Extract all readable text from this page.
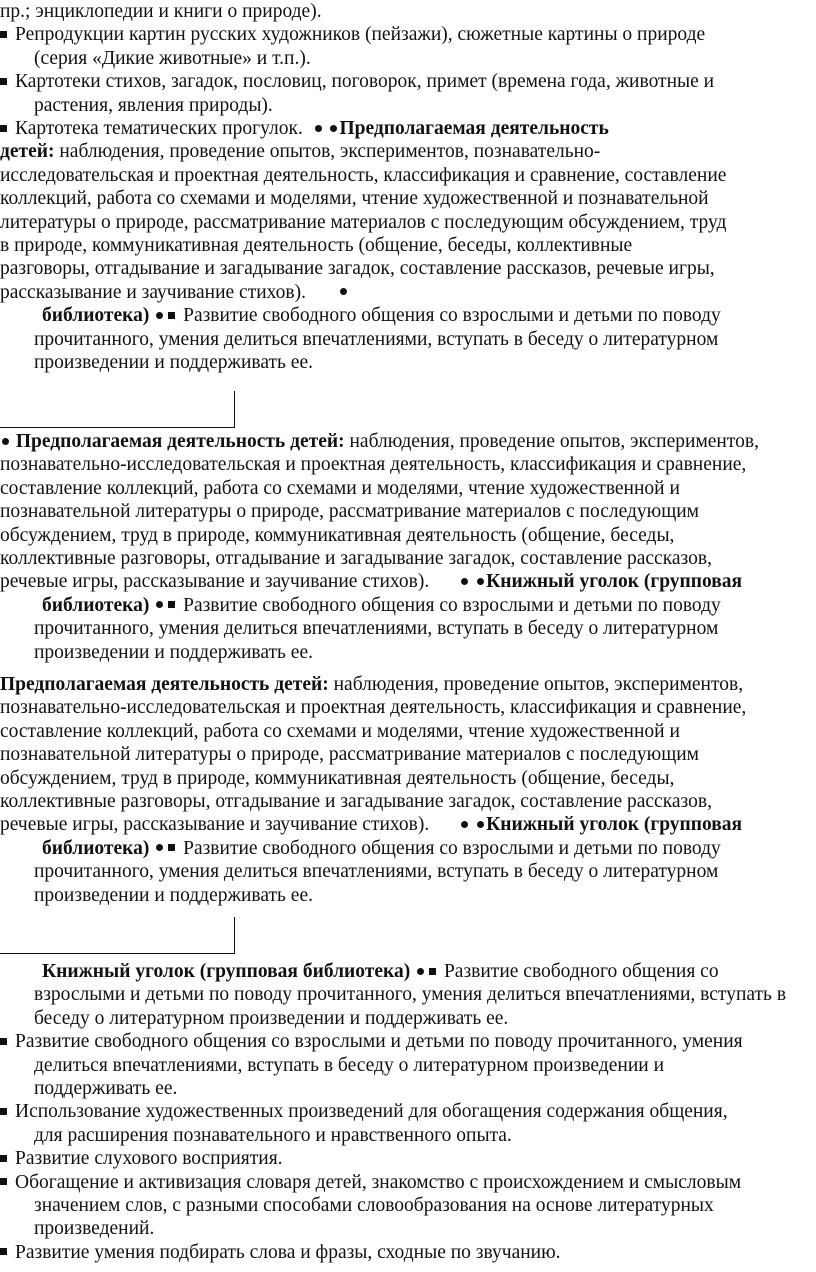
пр.; энциклопедии и книги о природе).

Репродукции картин русских художников (пейзажи), сюжетные картины о природе

(серия «Дикие животные» и т.п.).

Картотеки стихов, загадок, пословиц, поговорок, примет (времена года, животные и

растения, явления природы).

Картотека тематических прогулок. Предполагаемая деятельность

детей: наблюдения, проведение опытов, экспериментов, познавательно-

исследовательская и проектная деятельность, классификация и сравнение, составление

коллекций, работа со схемами и моделями, чтение художественной и познавательной

литературы о природе, рассматривание материалов с последующим обсуждением, труд

в природе, коммуникативная деятельность (общение, беседы, коллективные

разговоры, отгадывание и загадывание загадок, составление рассказов, речевые игры,

рассказывание и заучивание стихов).

библиотека) Развитие свободного общения со взрослыми и детьми по поводу

прочитанного, умения делиться впечатлениями, вступать в беседу о литературном

произведении и поддерживать ее.

Предполагаемая деятельность детей: наблюдения, проведение опытов, экспериментов,

познавательно-исследовательская и проектная деятельность, классификация и сравнение,

составление коллекций, работа со схемами и моделями, чтение художественной и

познавательной литературы о природе, рассматривание материалов с последующим

обсуждением, труд в природе, коммуникативная деятельность (общение, беседы,

коллективные разговоры, отгадывание и загадывание загадок, составление рассказов,

речевые игры, рассказывание и заучивание стихов).	Книжный уголок (групповая

библиотека) Развитие свободного общения со взрослыми и детьми по поводу

прочитанного, умения делиться впечатлениями, вступать в беседу о литературном

произведении и поддерживать ее.

Предполагаемая деятельность детей: наблюдения, проведение опытов, экспериментов,

познавательно-исследовательская и проектная деятельность, классификация и сравнение,

составление коллекций, работа со схемами и моделями, чтение художественной и

познавательной литературы о природе, рассматривание материалов с последующим

обсуждением, труд в природе, коммуникативная деятельность (общение, беседы,

коллективные разговоры, отгадывание и загадывание загадок, составление рассказов,

речевые игры, рассказывание и заучивание стихов).	Книжный уголок (групповая

библиотека) Развитие свободного общения со взрослыми и детьми по поводу

прочитанного, умения делиться впечатлениями, вступать в беседу о литературном

произведении и поддерживать ее.

Книжный уголок (групповая библиотека) Развитие свободного общения со

взрослыми и детьми по поводу прочитанного, умения делиться впечатлениями, вступать в

беседу о литературном произведении и поддерживать ее.

Развитие свободного общения со взрослыми и детьми по поводу прочитанного, умения

делиться впечатлениями, вступать в беседу о литературном произведении и

поддерживать ее.

Использование художественных произведений для обогащения содержания общения,

для расширения познавательного и нравственного опыта.

Развитие слухового восприятия.

Обогащение и активизация словаря детей, знакомство с происхождением и смысловым

значением слов, с разными способами словообразования на основе литературных

произведений.

Развитие умения подбирать слова и фразы, сходные по звучанию.
